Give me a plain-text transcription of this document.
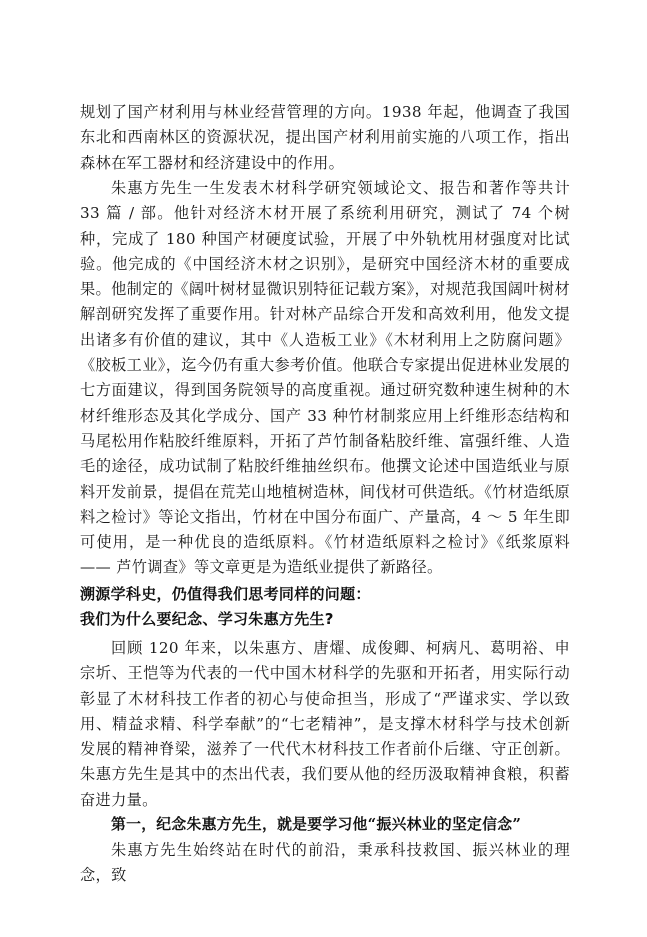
规划了国产材利用与林业经营管理的方向。1938 年起，他调查了我国东北和西南林区的资源状况，提出国产材利用前实施的八项工作，指出森林在军工器材和经济建设中的作用。

朱惠方先生一生发表木材科学研究领域论文、报告和著作等共计 33 篇 / 部。他针对经济木材开展了系统利用研究，测试了 74 个树种，完成了 180 种国产材硬度试验，开展了中外轨枕用材强度对比试验。他完成的《中国经济木材之识别》，是研究中国经济木材的重要成果。他制定的《阔叶树材显微识别特征记载方案》，对规范我国阔叶树材解剖研究发挥了重要作用。针对林产品综合开发和高效利用，他发文提出诸多有价值的建议，其中《人造板工业》《木材利用上之防腐问题》《胶板工业》，迄今仍有重大参考价值。他联合专家提出促进林业发展的七方面建议，得到国务院领导的高度重视。通过研究数种速生树种的木材纤维形态及其化学成分、国产 33 种竹材制浆应用上纤维形态结构和马尾松用作粘胶纤维原料，开拓了芦竹制备粘胶纤维、富强纤维、人造毛的途径，成功试制了粘胶纤维抽丝织布。他撰文论述中国造纸业与原料开发前景，提倡在荒芜山地植树造林，间伐材可供造纸。《竹材造纸原料之检讨》等论文指出，竹材在中国分布面广、产量高，4 ～ 5 年生即可使用，是一种优良的造纸原料。《竹材造纸原料之检讨》《纸浆原料 —— 芦竹调查》等文章更是为造纸业提供了新路径。

溯源学科史，仍值得我们思考同样的问题：
我们为什么要纪念、学习朱惠方先生?

回顾 120 年来，以朱惠方、唐燿、成俊卿、柯病凡、葛明裕、申宗圻、王恺等为代表的一代中国木材科学的先驱和开拓者，用实际行动彰显了木材科技工作者的初心与使命担当，形成了“严谨求实、学以致用、精益求精、科学奉献”的“七老精神”，是支撑木材科学与技术创新发展的精神脊梁，滋养了一代代木材科技工作者前仆后继、守正创新。朱惠方先生是其中的杰出代表，我们要从他的经历汲取精神食粮，积蓄奋进力量。

第一，纪念朱惠方先生，就是要学习他“振兴林业的坚定信念”

朱惠方先生始终站在时代的前沿，秉承科技救国、振兴林业的理念，致
